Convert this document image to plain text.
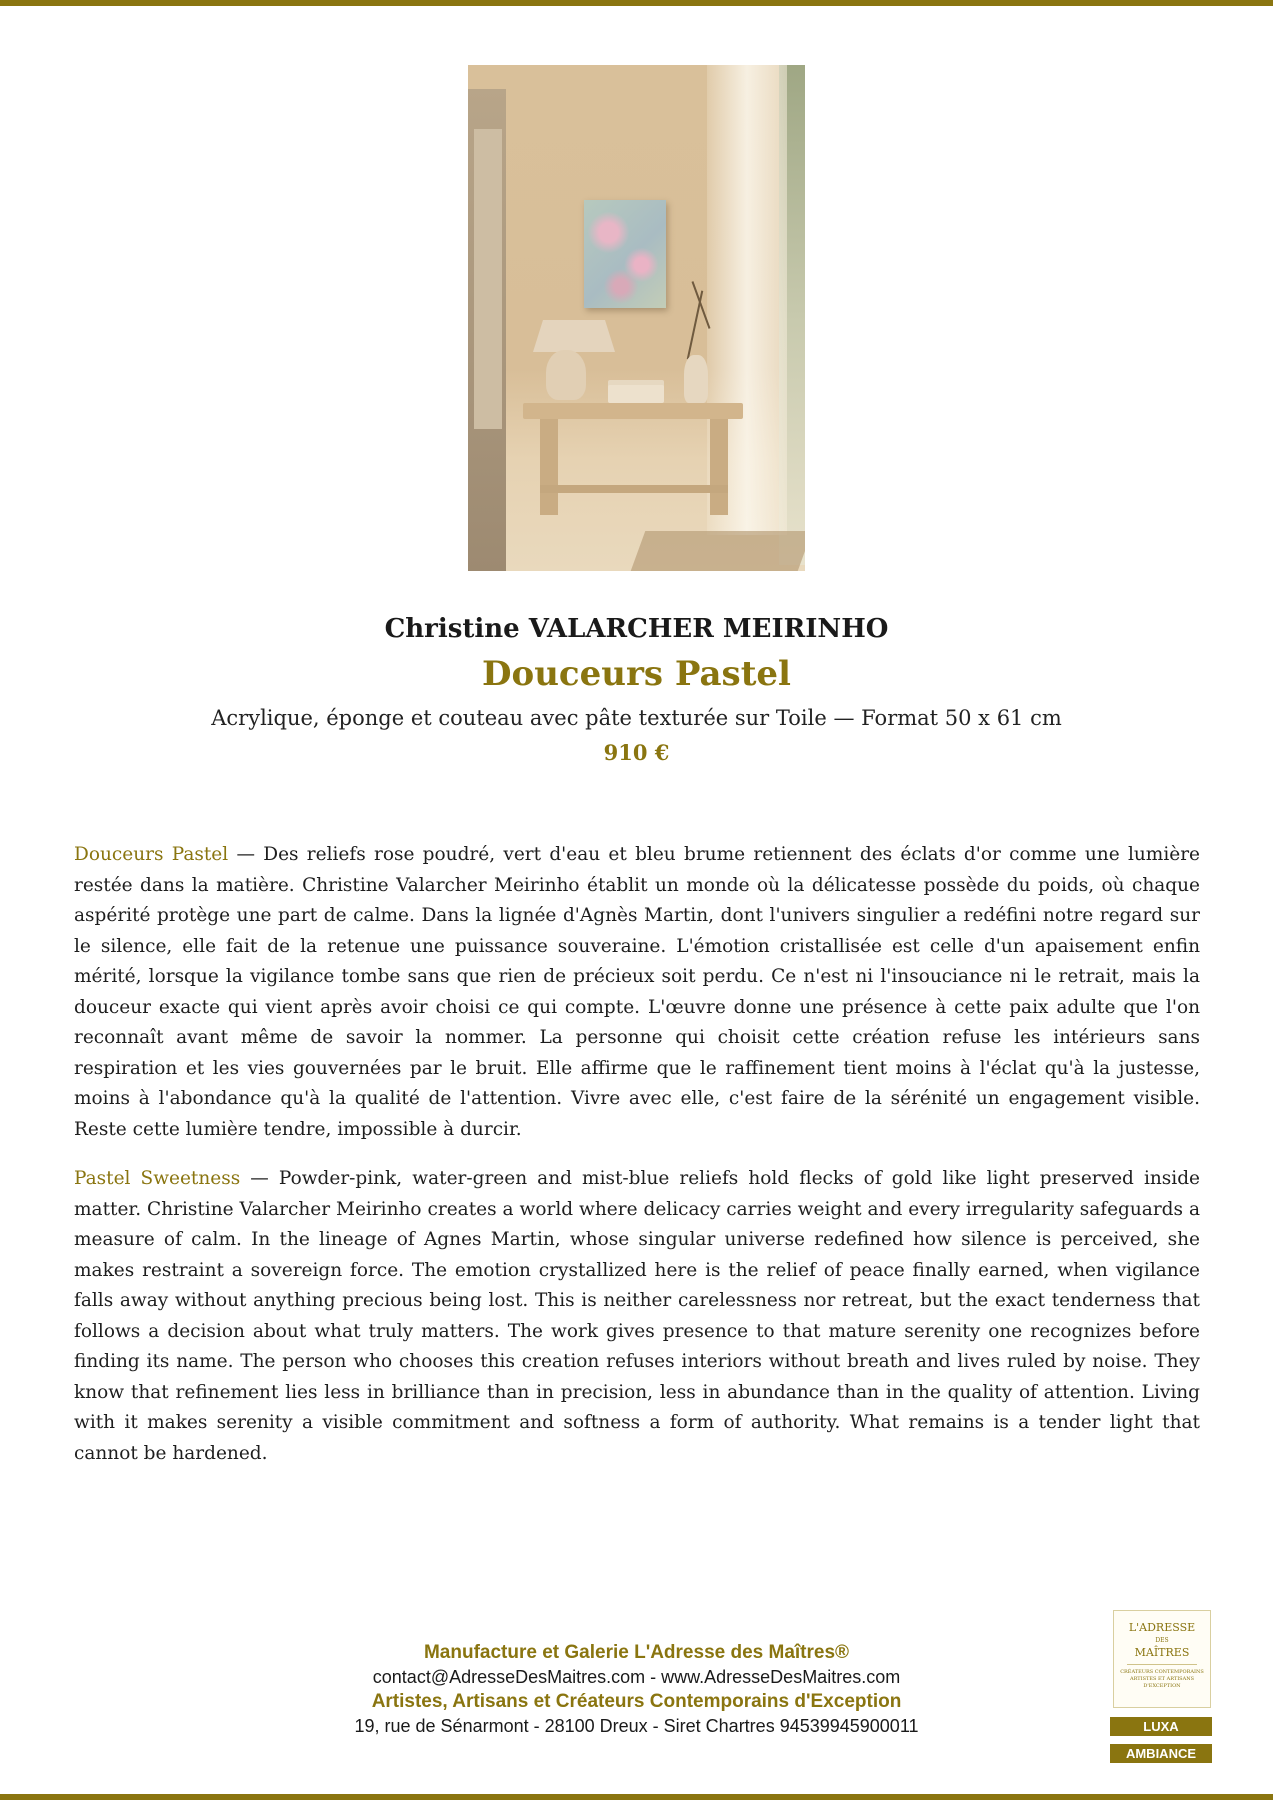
Christine VALARCHER MEIRINHO
Douceurs Pastel
Acrylique, éponge et couteau avec pâte texturée sur Toile — Format 50 x 61 cm
910 €
Douceurs Pastel — Des reliefs rose poudré, vert d'eau et bleu brume retiennent des éclats d'or comme une lumière restée dans la matière. Christine Valarcher Meirinho établit un monde où la délicatesse possède du poids, où chaque aspérité protège une part de calme. Dans la lignée d'Agnès Martin, dont l'univers singulier a redéfini notre regard sur le silence, elle fait de la retenue une puissance souveraine. L'émotion cristallisée est celle d'un apaisement enfin mérité, lorsque la vigilance tombe sans que rien de précieux soit perdu. Ce n'est ni l'insouciance ni le retrait, mais la douceur exacte qui vient après avoir choisi ce qui compte. L'œuvre donne une présence à cette paix adulte que l'on reconnaît avant même de savoir la nommer. La personne qui choisit cette création refuse les intérieurs sans respiration et les vies gouvernées par le bruit. Elle affirme que le raffinement tient moins à l'éclat qu'à la justesse, moins à l'abondance qu'à la qualité de l'attention. Vivre avec elle, c'est faire de la sérénité un engagement visible. Reste cette lumière tendre, impossible à durcir.
Pastel Sweetness — Powder-pink, water-green and mist-blue reliefs hold flecks of gold like light preserved inside matter. Christine Valarcher Meirinho creates a world where delicacy carries weight and every irregularity safeguards a measure of calm. In the lineage of Agnes Martin, whose singular universe redefined how silence is perceived, she makes restraint a sovereign force. The emotion crystallized here is the relief of peace finally earned, when vigilance falls away without anything precious being lost. This is neither carelessness nor retreat, but the exact tenderness that follows a decision about what truly matters. The work gives presence to that mature serenity one recognizes before finding its name. The person who chooses this creation refuses interiors without breath and lives ruled by noise. They know that refinement lies less in brilliance than in precision, less in abundance than in the quality of attention. Living with it makes serenity a visible commitment and softness a form of authority. What remains is a tender light that cannot be hardened.
Manufacture et Galerie L'Adresse des Maîtres®
contact@AdresseDesMaitres.com - www.AdresseDesMaitres.com
Artistes, Artisans et Créateurs Contemporains d'Exception
19, rue de Sénarmont - 28100 Dreux - Siret Chartres 94539945900011
L'ADRESSE
DES
MAÎTRES
CRÉATEURS CONTEMPORAINS ARTISTES ET ARTISANS D'EXCEPTION
LUXA
AMBIANCE
